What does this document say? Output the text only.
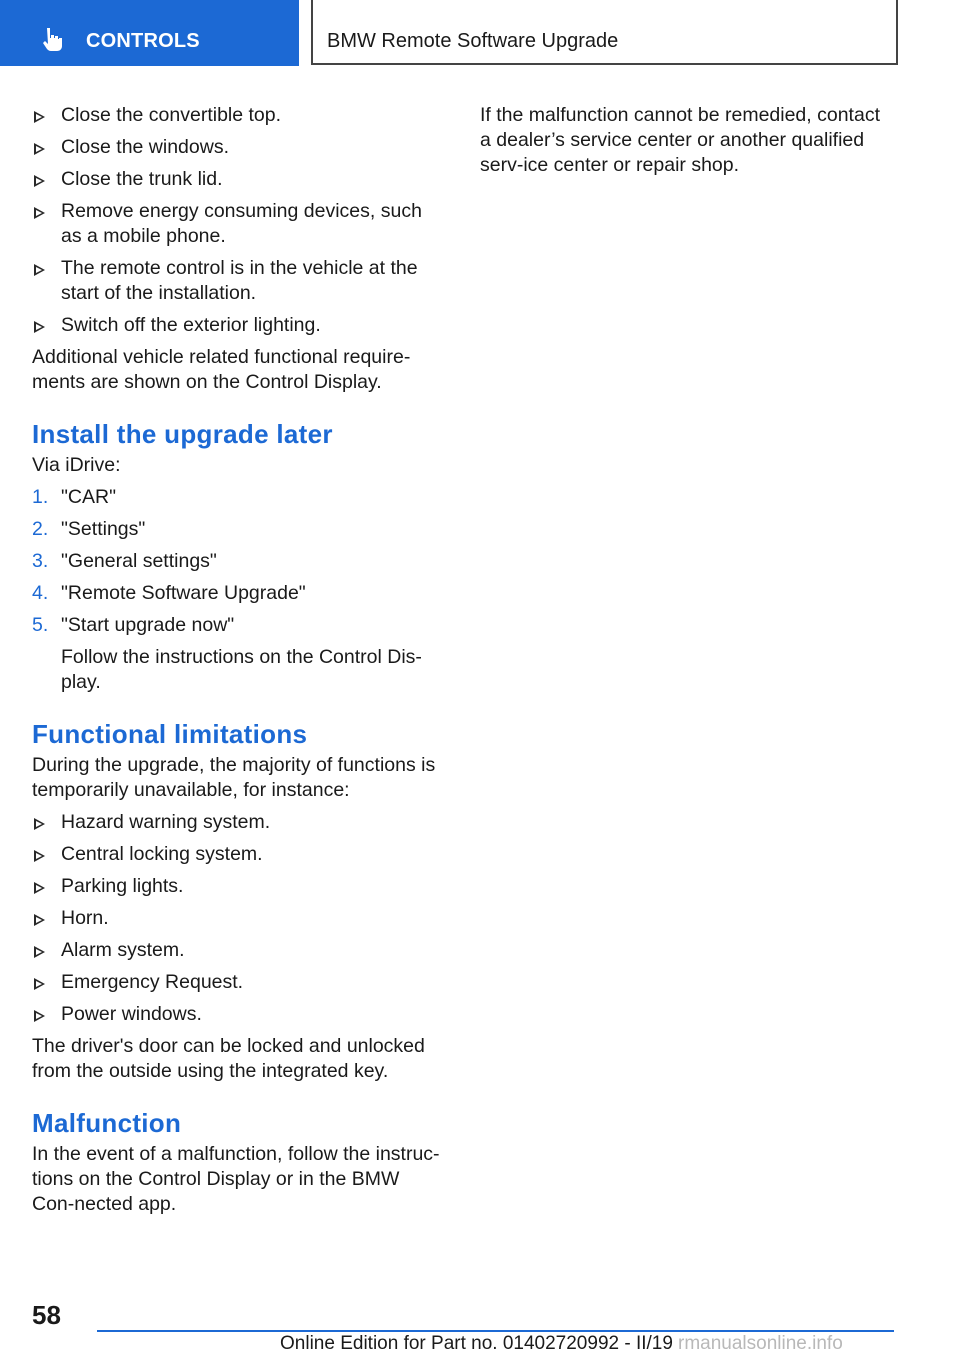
CONTROLS	BMW Remote Software Upgrade
Close the convertible top.
Close the windows.
Close the trunk lid.
Remove energy consuming devices, such as a mobile phone.
The remote control is in the vehicle at the start of the installation.
Switch off the exterior lighting.

Additional vehicle related functional require‐ments are shown on the Control Display.

Install the upgrade later

Via iDrive:

1. "CAR"
2. "Settings"
3. "General settings"
4. "Remote Software Upgrade"
5. "Start upgrade now"
Follow the instructions on the Control Dis‐play.
Functional limitations

During the upgrade, the majority of functions is temporarily unavailable, for instance:

Hazard warning system.
Central locking system.
Parking lights.
Horn.
Alarm system.
Emergency Request.
Power windows.

The driver's door can be locked and unlocked from the outside using the integrated key.

Malfunction

In the event of a malfunction, follow the instruc‐tions on the Control Display or in the BMW Con‐nected app.

If the malfunction cannot be remedied, contact a dealer’s service center or another qualified serv‐ice center or repair shop.

58
Online Edition for Part no. 01402720992 - II/19 rmanualsonline.info
